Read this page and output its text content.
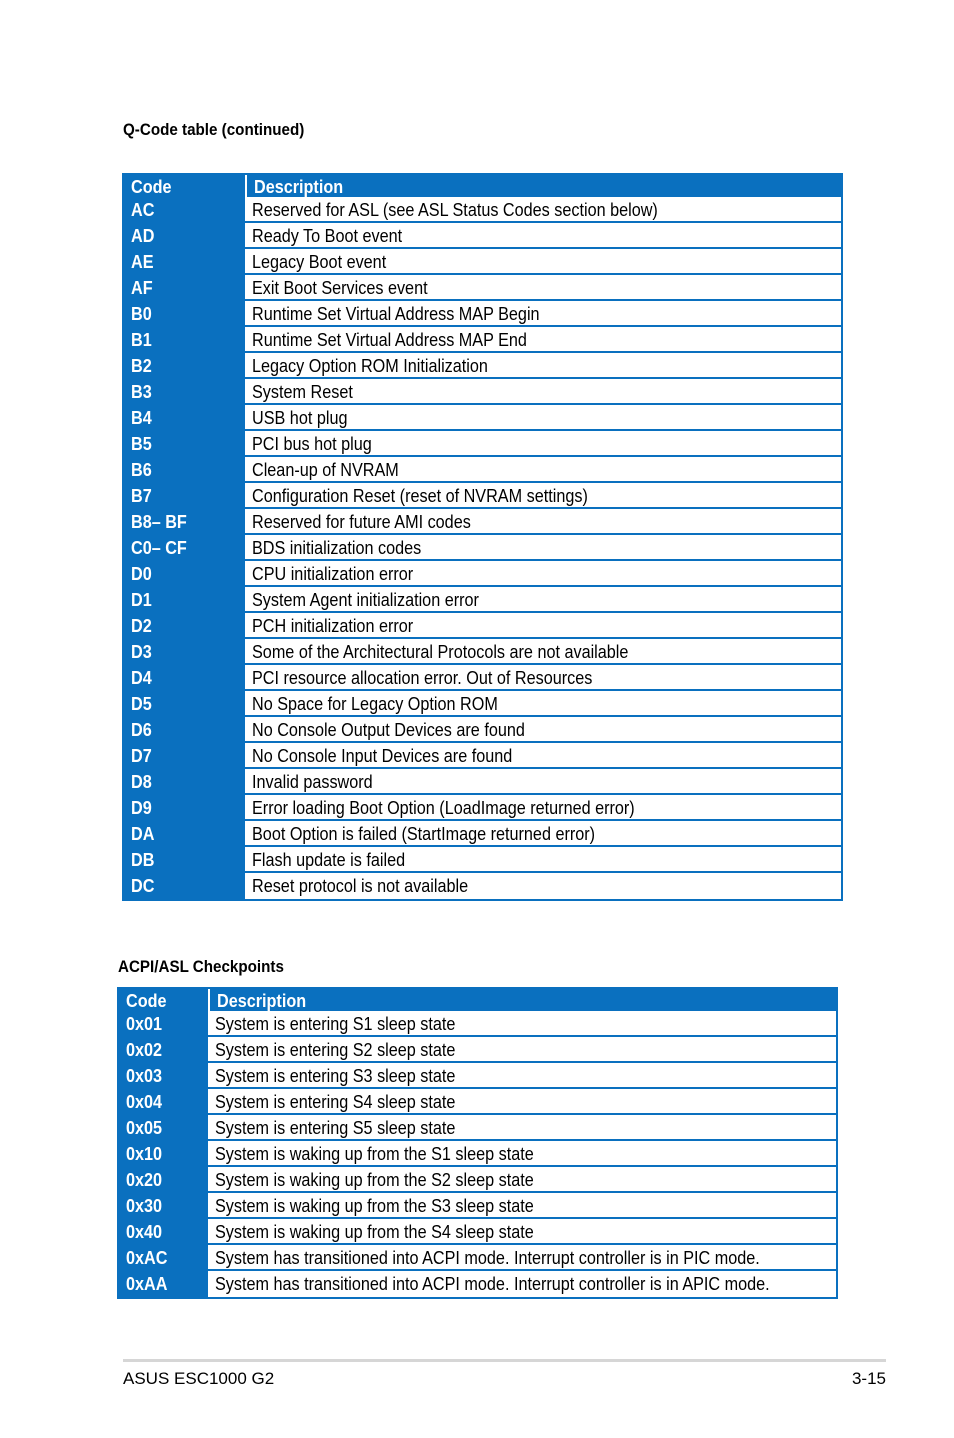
Q-Code table (continued)
Code	Description
AC	Reserved for ASL (see ASL Status Codes section below)
AD	Ready To Boot event
AE	Legacy Boot event
AF	Exit Boot Services event
B0	Runtime Set Virtual Address MAP Begin
B1	Runtime Set Virtual Address MAP End
B2	Legacy Option ROM Initialization
B3	System Reset
B4	USB hot plug
B5	PCI bus hot plug
B6	Clean-up of NVRAM
B7	Configuration Reset (reset of NVRAM settings)
B8– BF	Reserved for future AMI codes
C0– CF	BDS initialization codes
D0	CPU initialization error
D1	System Agent initialization error
D2	PCH initialization error
D3	Some of the Architectural Protocols are not available
D4	PCI resource allocation error. Out of Resources
D5	No Space for Legacy Option ROM
D6	No Console Output Devices are found
D7	No Console Input Devices are found
D8	Invalid password
D9	Error loading Boot Option (LoadImage returned error)
DA	Boot Option is failed (StartImage returned error)
DB	Flash update is failed
DC	Reset protocol is not available
ACPI/ASL Checkpoints
Code	Description
0x01	System is entering S1 sleep state
0x02	System is entering S2 sleep state
0x03	System is entering S3 sleep state
0x04	System is entering S4 sleep state
0x05	System is entering S5 sleep state
0x10	System is waking up from the S1 sleep state
0x20	System is waking up from the S2 sleep state
0x30	System is waking up from the S3 sleep state
0x40	System is waking up from the S4 sleep state
0xAC	System has transitioned into ACPI mode. Interrupt controller is in PIC mode.
0xAA	System has transitioned into ACPI mode. Interrupt controller is in APIC mode.
ASUS ESC1000 G2	3-15
